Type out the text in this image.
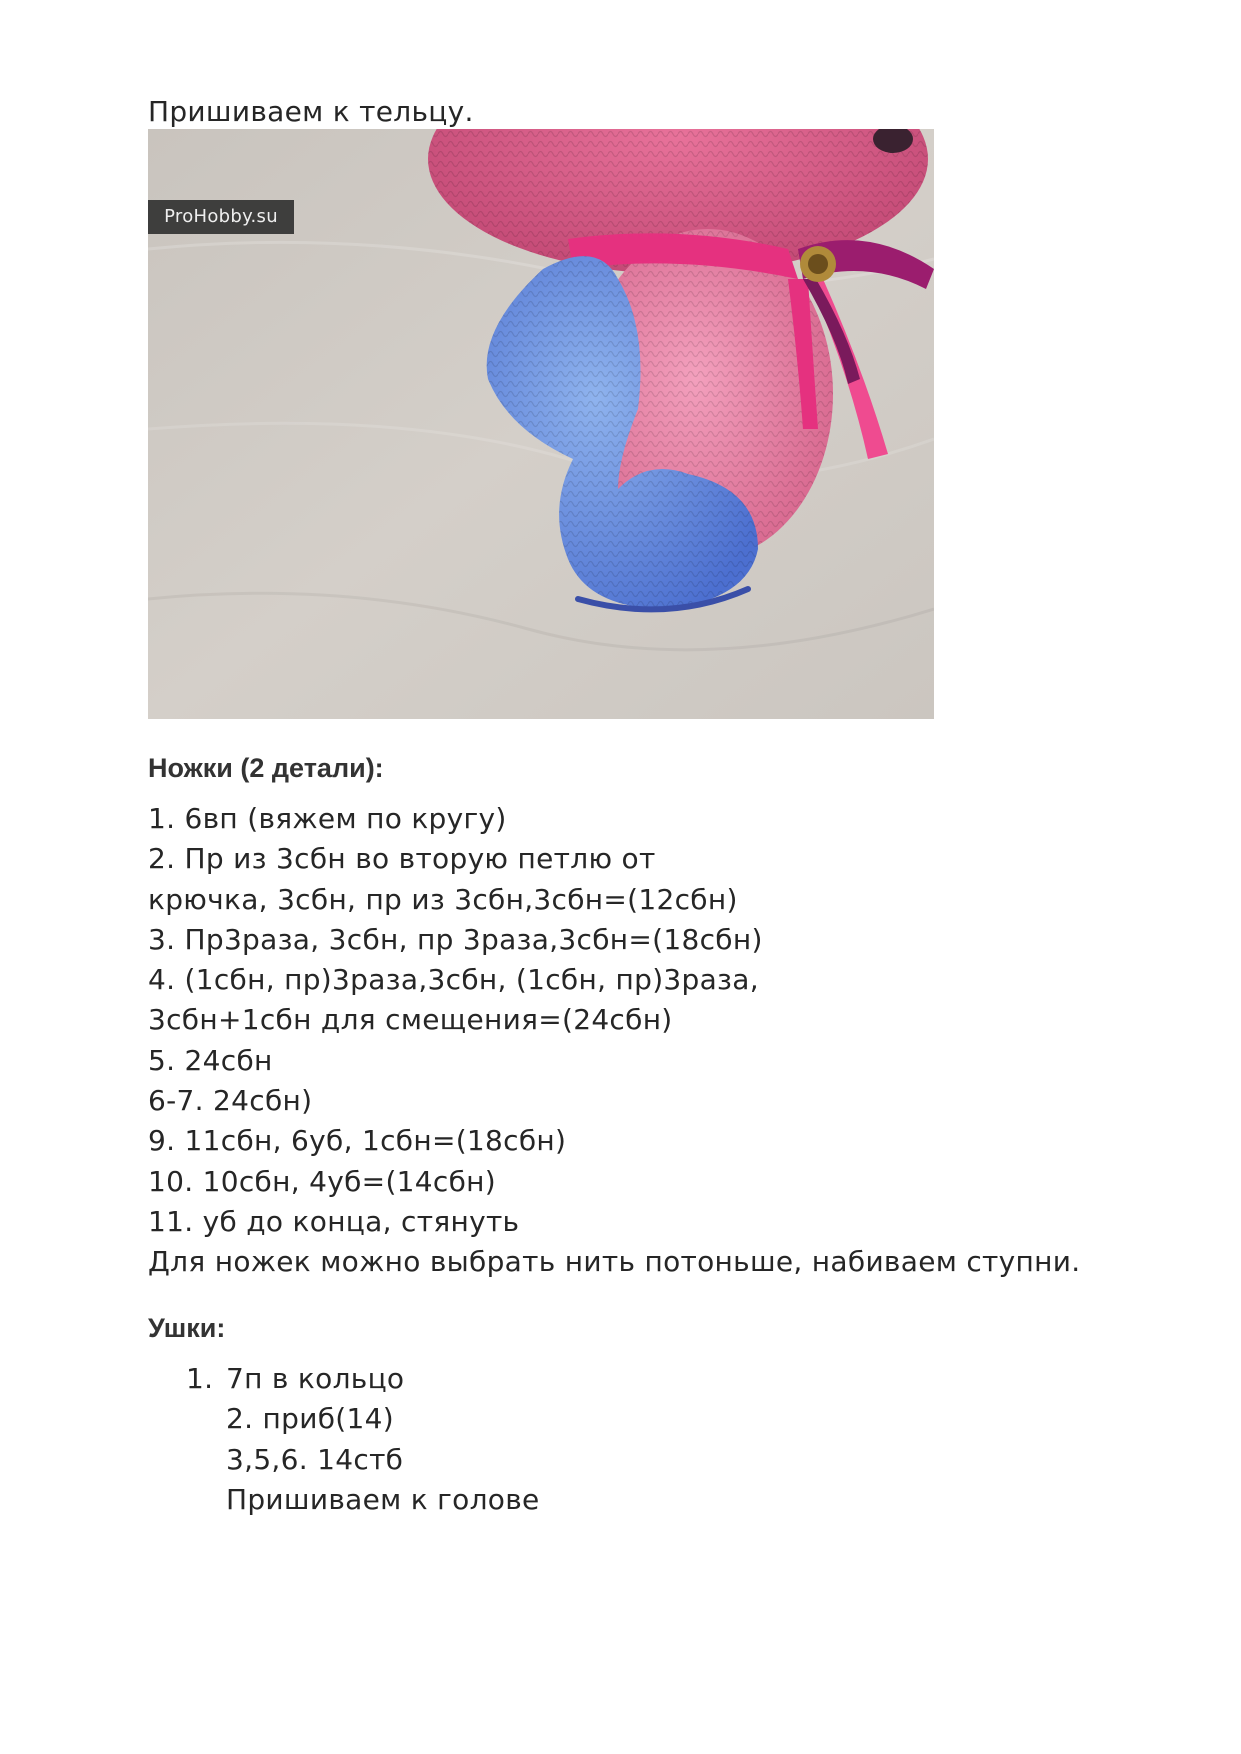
Пришиваем к тельцу.
ProHobby.su
Ножки (2 детали):
1. 6вп (вяжем по кругу)
2. Пр из 3сбн во вторую петлю от
крючка, 3сбн, пр из 3сбн,3сбн=(12сбн)
3. Пр3раза, 3сбн, пр 3раза,3сбн=(18сбн)
4. (1сбн, пр)3раза,3сбн, (1сбн, пр)3раза,
3сбн+1сбн для смещения=(24сбн)
5. 24сбн
6-7. 24сбн)
9. 11сбн, 6уб, 1сбн=(18сбн)
10. 10сбн, 4уб=(14сбн)
11. уб до конца, стянуть
Для ножек можно выбрать нить потоньше, набиваем ступни.
Ушки:
1. 7п в кольцо
2. приб(14)
3,5,6. 14стб
Пришиваем к голове
